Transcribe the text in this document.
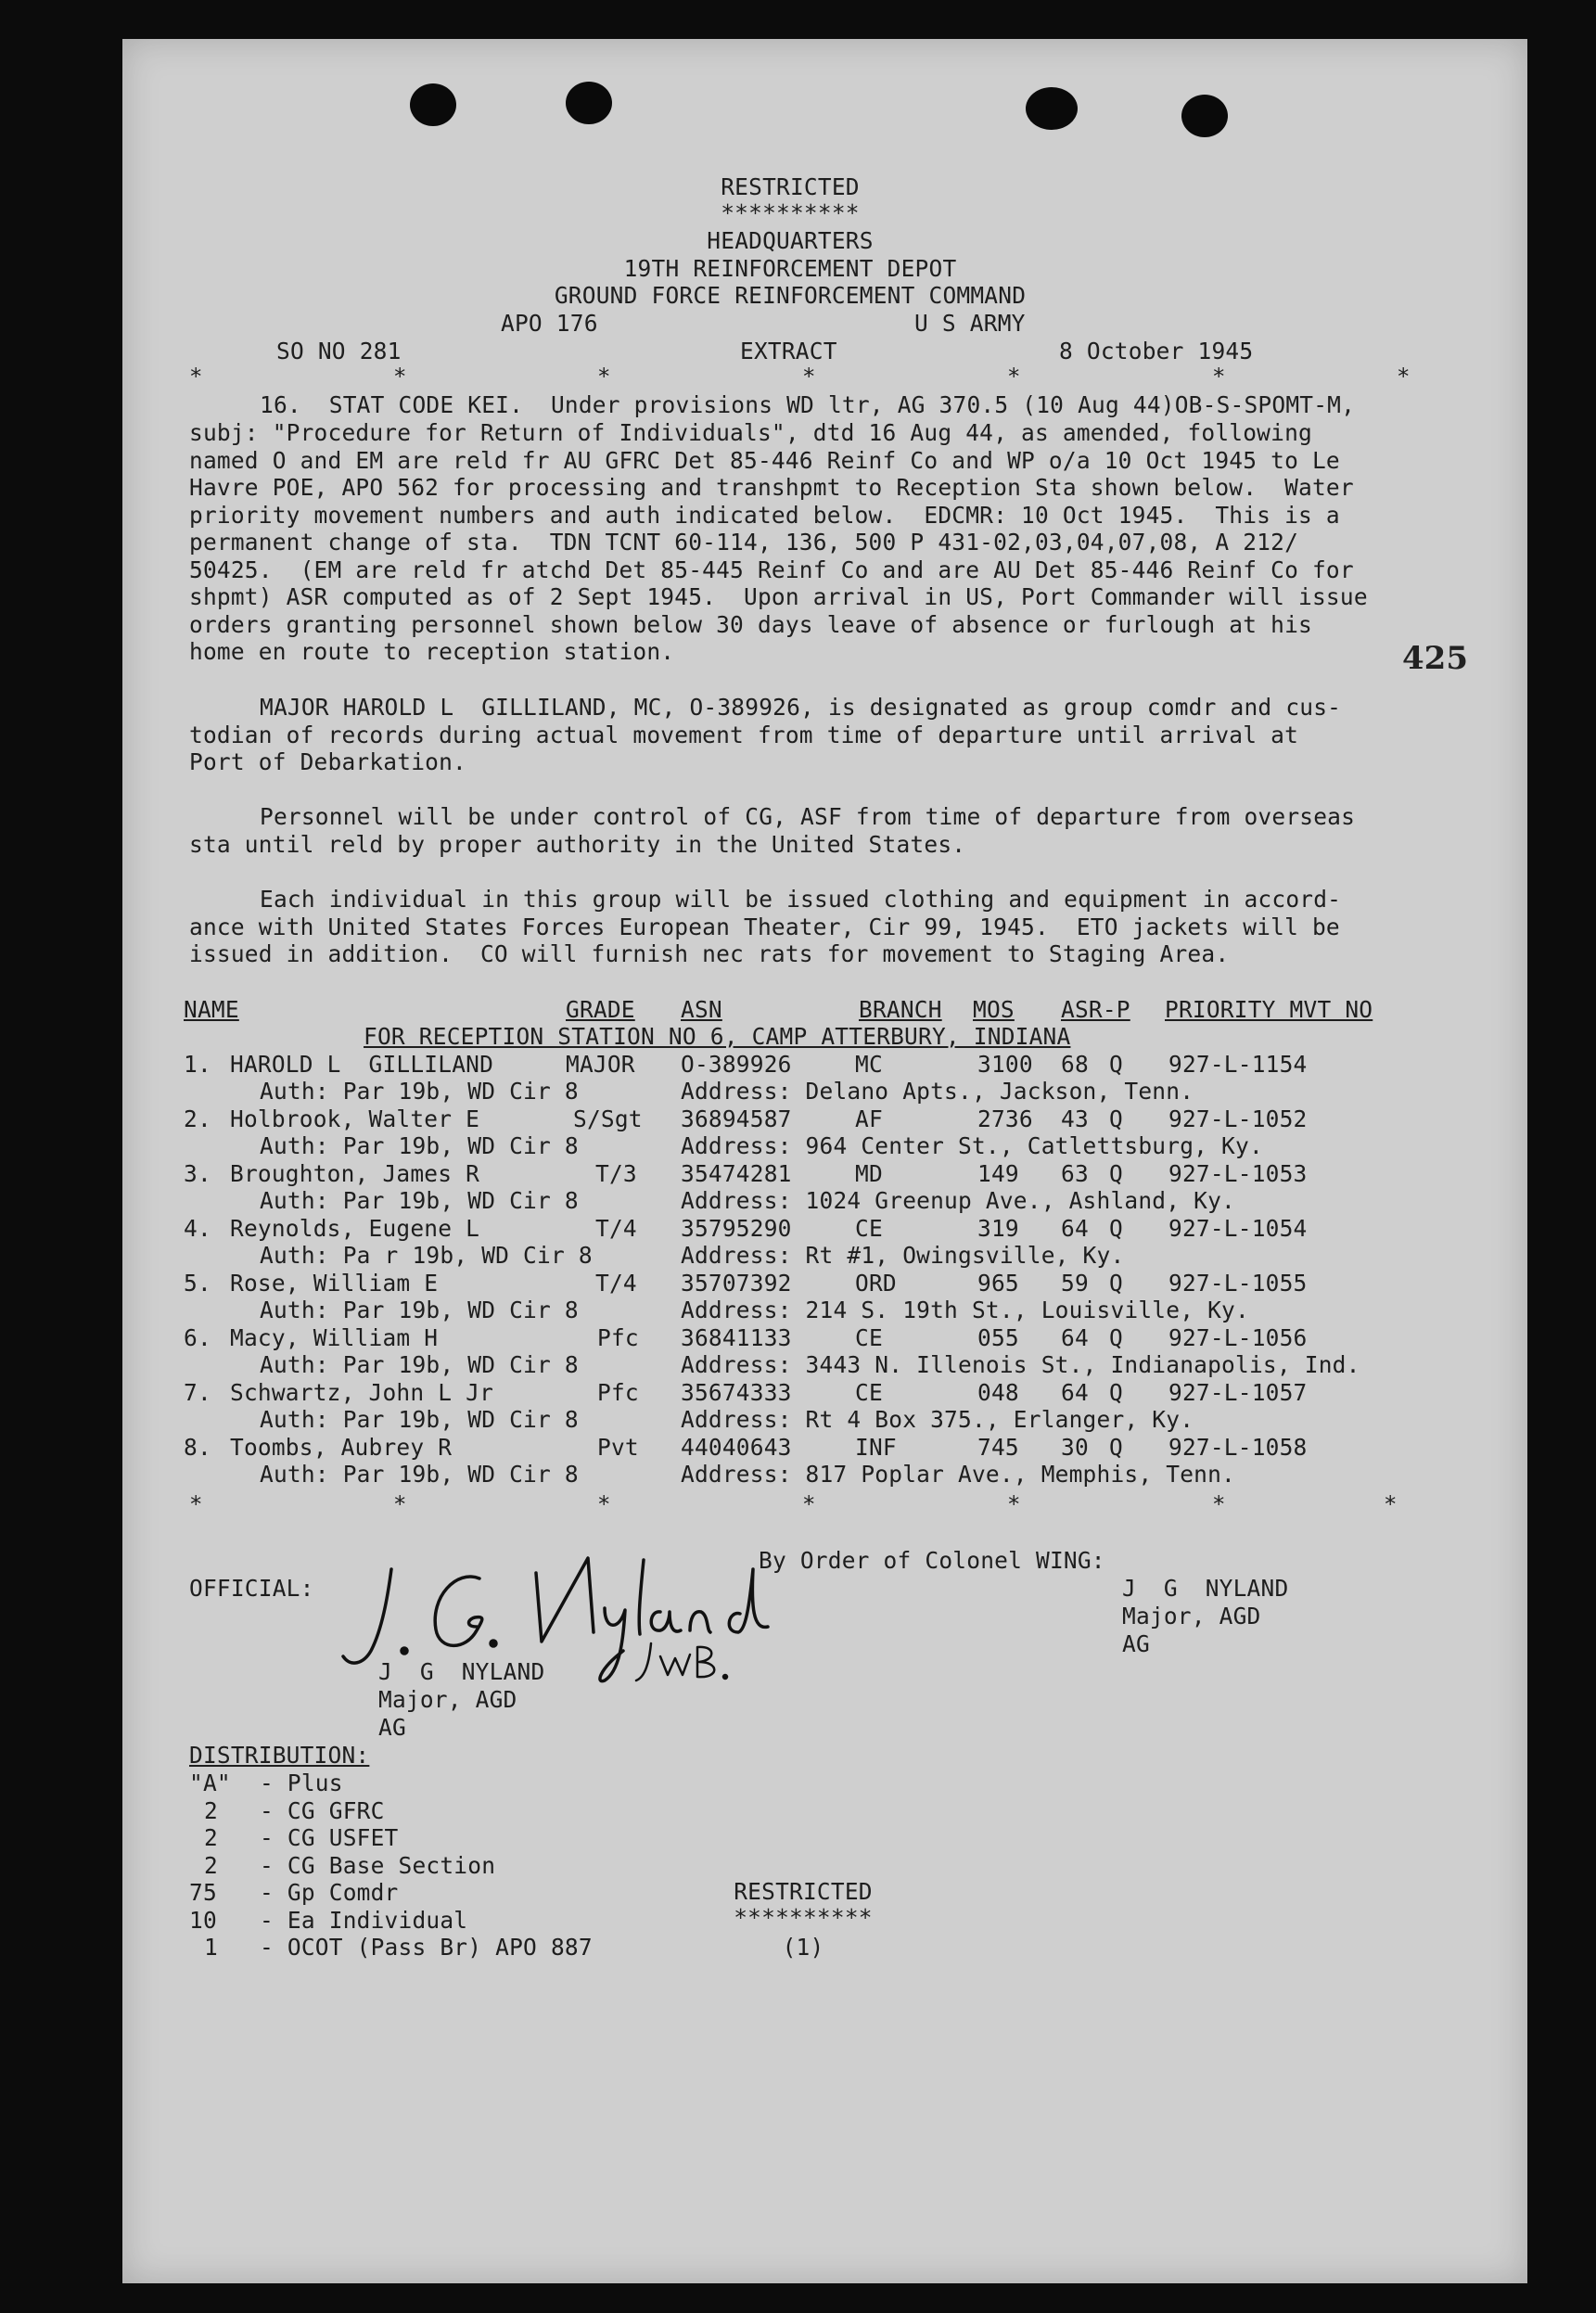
RESTRICTED
**********
HEADQUARTERS
19TH REINFORCEMENT DEPOT
GROUND FORCE REINFORCEMENT COMMAND
APO 176	U S ARMY
SO NO 281	EXTRACT	8 October 1945
*	*	*	*	*	*	*
16.  STAT CODE KEI.  Under provisions WD ltr, AG 370.5 (10 Aug 44)OB-S-SPOMT-M,
subj: "Procedure for Return of Individuals", dtd 16 Aug 44, as amended, following
named O and EM are reld fr AU GFRC Det 85-446 Reinf Co and WP o/a 10 Oct 1945 to Le
Havre POE, APO 562 for processing and transhpmt to Reception Sta shown below.  Water
priority movement numbers and auth indicated below.  EDCMR: 10 Oct 1945.  This is a
permanent change of sta.  TDN TCNT 60-114, 136, 500 P 431-02,03,04,07,08, A 212/
50425.  (EM are reld fr atchd Det 85-445 Reinf Co and are AU Det 85-446 Reinf Co for
shpmt) ASR computed as of 2 Sept 1945.  Upon arrival in US, Port Commander will issue
orders granting personnel shown below 30 days leave of absence or furlough at his
home en route to reception station.	425
MAJOR HAROLD L  GILLILAND, MC, O-389926, is designated as group comdr and cus-
todian of records during actual movement from time of departure until arrival at
Port of Debarkation.
Personnel will be under control of CG, ASF from time of departure from overseas
sta until reld by proper authority in the United States.
Each individual in this group will be issued clothing and equipment in accord-
ance with United States Forces European Theater, Cir 99, 1945.  ETO jackets will be
issued in addition.  CO will furnish nec rats for movement to Staging Area.
NAME	GRADE ASN	BRANCH MOS ASR-P PRIORITY MVT NO
FOR RECEPTION STATION NO 6, CAMP ATTERBURY, INDIANA
1. HAROLD L  GILLILAND	MAJOR O-389926	MC	3100 68 Q 927-L-1154
Auth: Par 19b, WD Cir 8	Address: Delano Apts., Jackson, Tenn.
2. Holbrook, Walter E	S/Sgt 36894587	AF	2736 43 Q 927-L-1052
Auth: Par 19b, WD Cir 8	Address: 964 Center St., Catlettsburg, Ky.
3. Broughton, James R	T/3 35474281	MD	149 63 Q 927-L-1053
Auth: Par 19b, WD Cir 8	Address: 1024 Greenup Ave., Ashland, Ky.
4. Reynolds, Eugene L	T/4 35795290	CE	319 64 Q 927-L-1054
Auth: Pa r 19b, WD Cir 8	Address: Rt #1, Owingsville, Ky.
5. Rose, William E	T/4 35707392	ORD	965 59 Q 927-L-1055
Auth: Par 19b, WD Cir 8	Address: 214 S. 19th St., Louisville, Ky.
6. Macy, William H	Pfc 36841133	CE	055 64 Q 927-L-1056
Auth: Par 19b, WD Cir 8	Address: 3443 N. Illenois St., Indianapolis, Ind.
7. Schwartz, John L Jr	Pfc 35674333	CE	048 64 Q 927-L-1057
Auth: Par 19b, WD Cir 8	Address: Rt 4 Box 375., Erlanger, Ky.
8. Toombs, Aubrey R	Pvt 44040643	INF	745 30 Q 927-L-1058
Auth: Par 19b, WD Cir 8	Address: 817 Poplar Ave., Memphis, Tenn.
*	*	*	*	*	*	*
By Order of Colonel WING:
OFFICIAL:	J  G  NYLAND
Major, AGD
AG
J  G  NYLAND
Major, AGD
AG
DISTRIBUTION:
"A" - Plus
2 - CG GFRC
2 - CG USFET
2 - CG Base Section
75 - Gp Comdr
10 - Ea Individual
1 - OCOT (Pass Br) APO 887
RESTRICTED
**********
(1)
